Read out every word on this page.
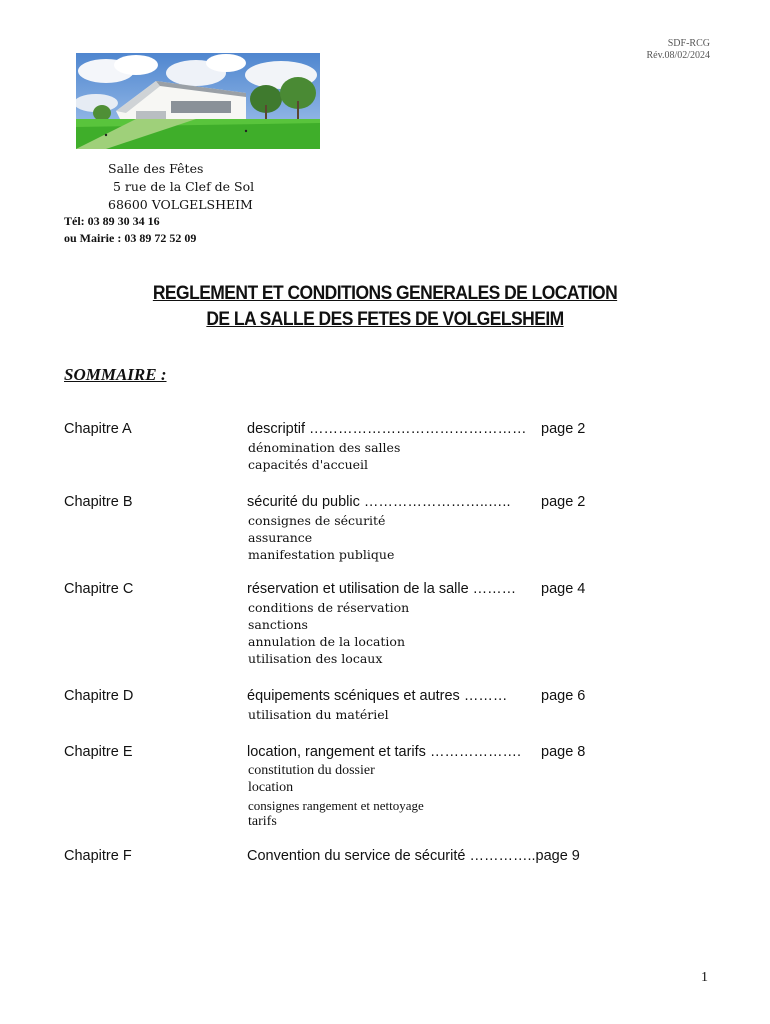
SDF-RCG
Rév.08/02/2024
Salle des Fêtes
5 rue de la Clef de Sol
68600 VOLGELSHEIM
Tél: 03 89 30 34 16
ou Mairie : 03 89 72 52 09
REGLEMENT ET CONDITIONS GENERALES DE LOCATION
DE LA SALLE DES FETES DE VOLGELSHEIM
SOMMAIRE :
Chapitre A	descriptif ……………………………………… page 2
dénomination des salles
capacités d'accueil
Chapitre B	sécurité du public ……………………..….. page 2
consignes de sécurité
assurance
manifestation publique
Chapitre C	réservation et utilisation de la salle ……… page 4
conditions de réservation
sanctions
annulation de la location
utilisation des locaux
Chapitre D	équipements scéniques et autres ……… page 6
utilisation du matériel
Chapitre E	location, rangement et tarifs ………………. page 8
constitution du dossier
location
consignes rangement et nettoyage
tarifs
Chapitre F	Convention du service de sécurité …………..page 9
1
